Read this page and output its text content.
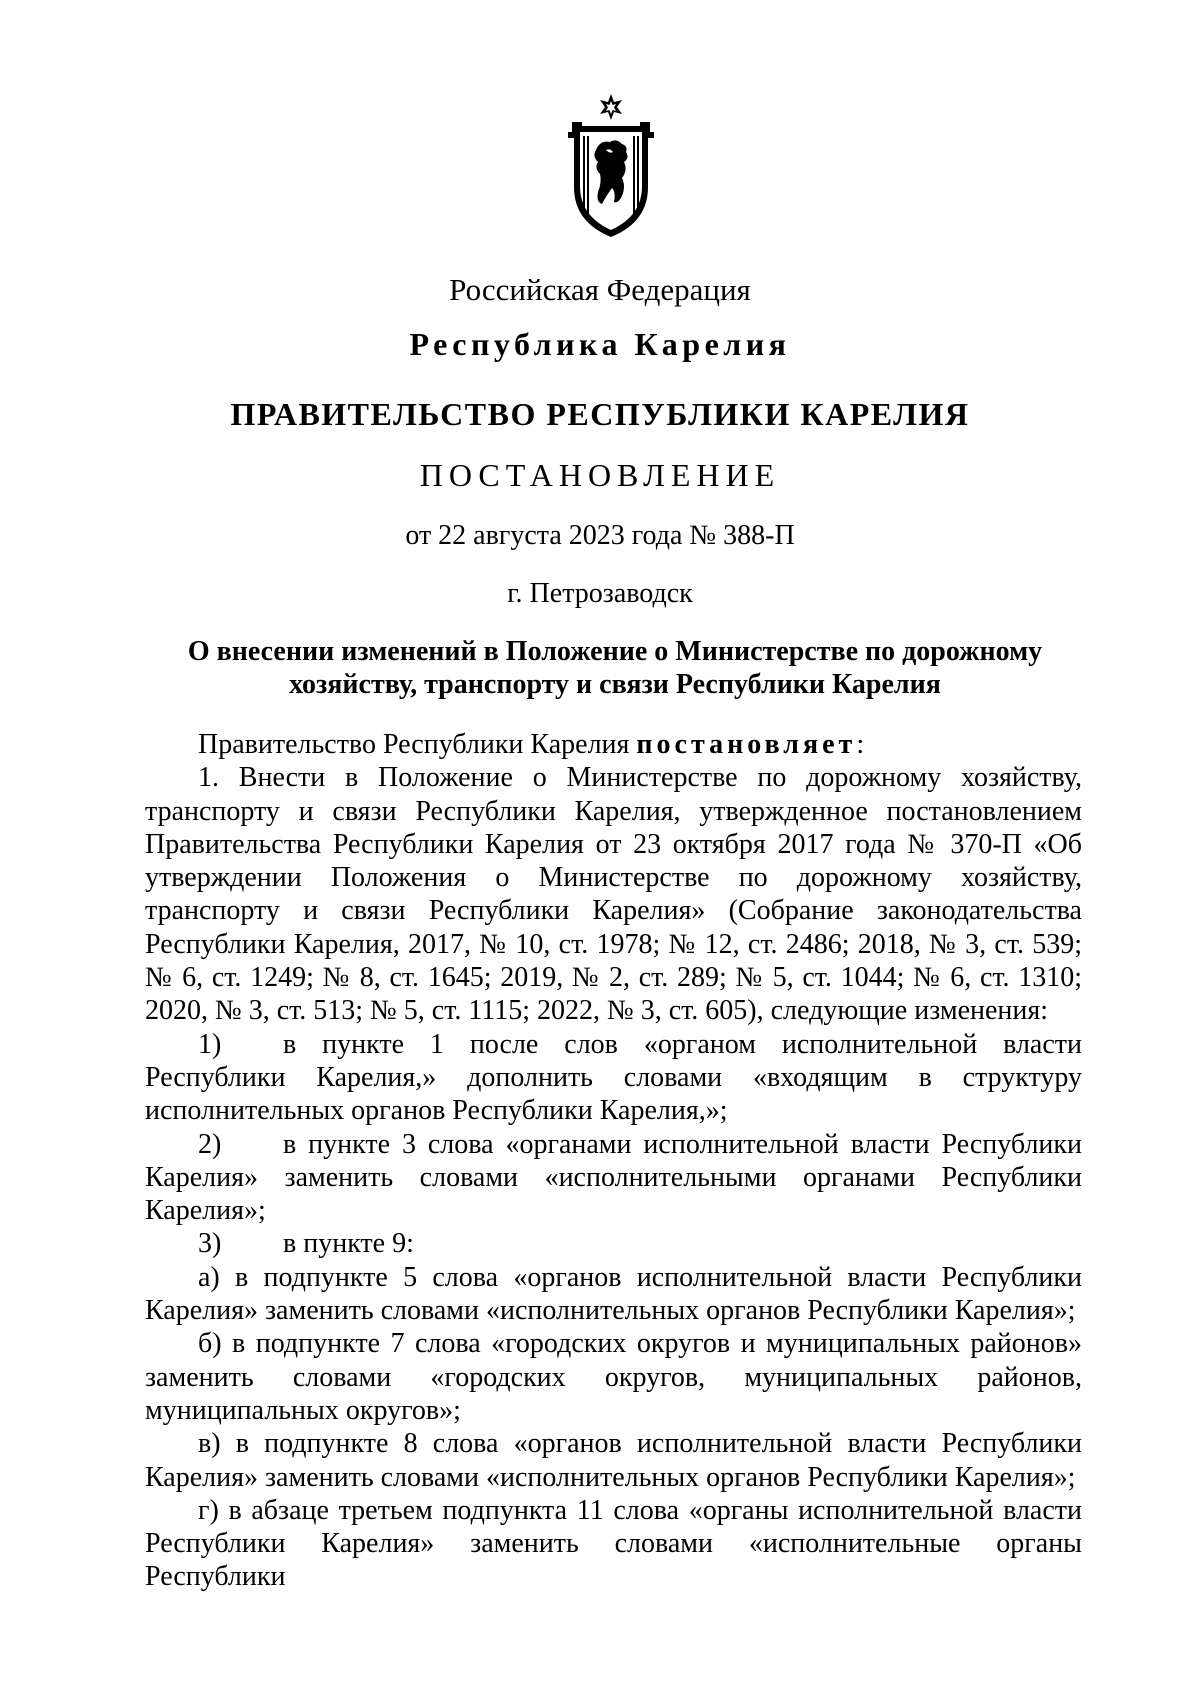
Российская Федерация
Республика Карелия
ПРАВИТЕЛЬСТВО РЕСПУБЛИКИ КАРЕЛИЯ
ПОСТАНОВЛЕНИЕ
от 22 августа 2023 года № 388-П
г. Петрозаводск
О внесении изменений в Положение о Министерстве по дорожному
хозяйству, транспорту и связи Республики Карелия

Правительство Республики Карелия постановляет:

1. Внести в Положение о Министерстве по дорожному хозяйству, транспорту и связи Республики Карелия, утвержденное постановлением Правительства Республики Карелия от 23 октября 2017 года № 370-П «Об утверждении Положения о Министерстве по дорожному хозяйству, транспорту и связи Республики Карелия» (Собрание законодательства Республики Карелия, 2017, № 10, ст. 1978; № 12, ст. 2486; 2018, № 3, ст. 539; № 6, ст. 1249; № 8, ст. 1645; 2019, № 2, ст. 289; № 5, ст. 1044; № 6, ст. 1310; 2020, № 3, ст. 513; № 5, ст. 1115; 2022, № 3, ст. 605), следующие изменения:

1) в пункте 1 после слов «органом исполнительной власти Республики Карелия,» дополнить словами «входящим в структуру исполнительных органов Республики Карелия,»;

2) в пункте 3 слова «органами исполнительной власти Республики Карелия» заменить словами «исполнительными органами Республики Карелия»;

3) в пункте 9:

а) в подпункте 5 слова «органов исполнительной власти Республики Карелия» заменить словами «исполнительных органов Республики Карелия»;

б) в подпункте 7 слова «городских округов и муниципальных районов» заменить словами «городских округов, муниципальных районов, муниципальных округов»;

в) в подпункте 8 слова «органов исполнительной власти Республики Карелия» заменить словами «исполнительных органов Республики Карелия»;

г) в абзаце третьем подпункта 11 слова «органы исполнительной власти Республики Карелия» заменить словами «исполнительные органы Республики
